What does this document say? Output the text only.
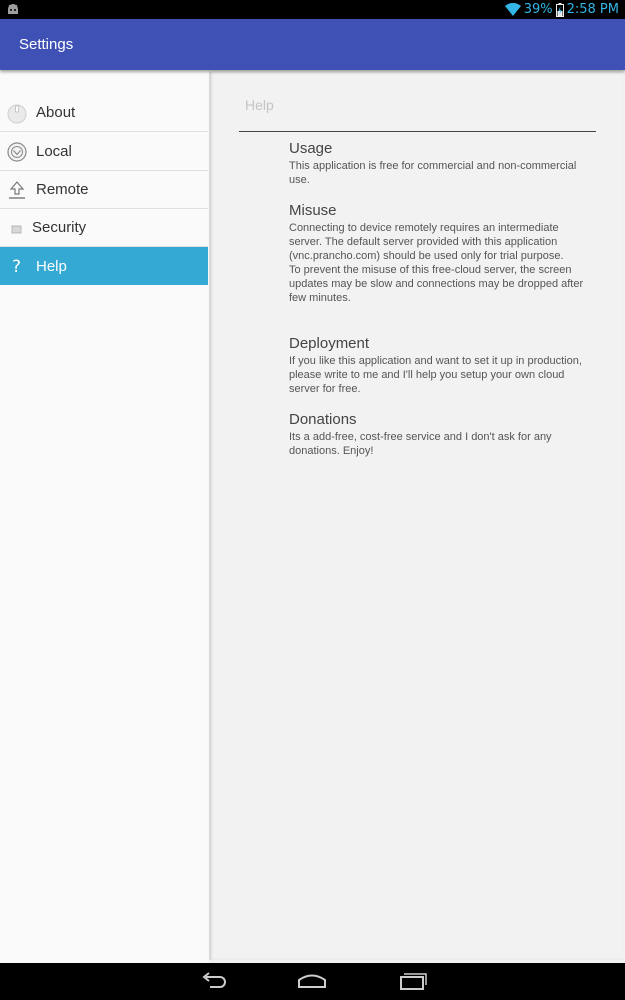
39% 2:58 PM
Settings
About
Local
Remote
Security
? Help
Help
Usage
This application is free for commercial and non-commercial use.
Misuse
Connecting to device remotely requires an intermediate server. The default server provided with this application (vnc.prancho.com) should be used only for trial purpose.
To prevent the misuse of this free-cloud server, the screen updates may be slow and connections may be dropped after few minutes.
Deployment
If you like this application and want to set it up in production, please write to me and I'll help you setup your own cloud server for free.
Donations
Its a add-free, cost-free service and I don't ask for any donations. Enjoy!
